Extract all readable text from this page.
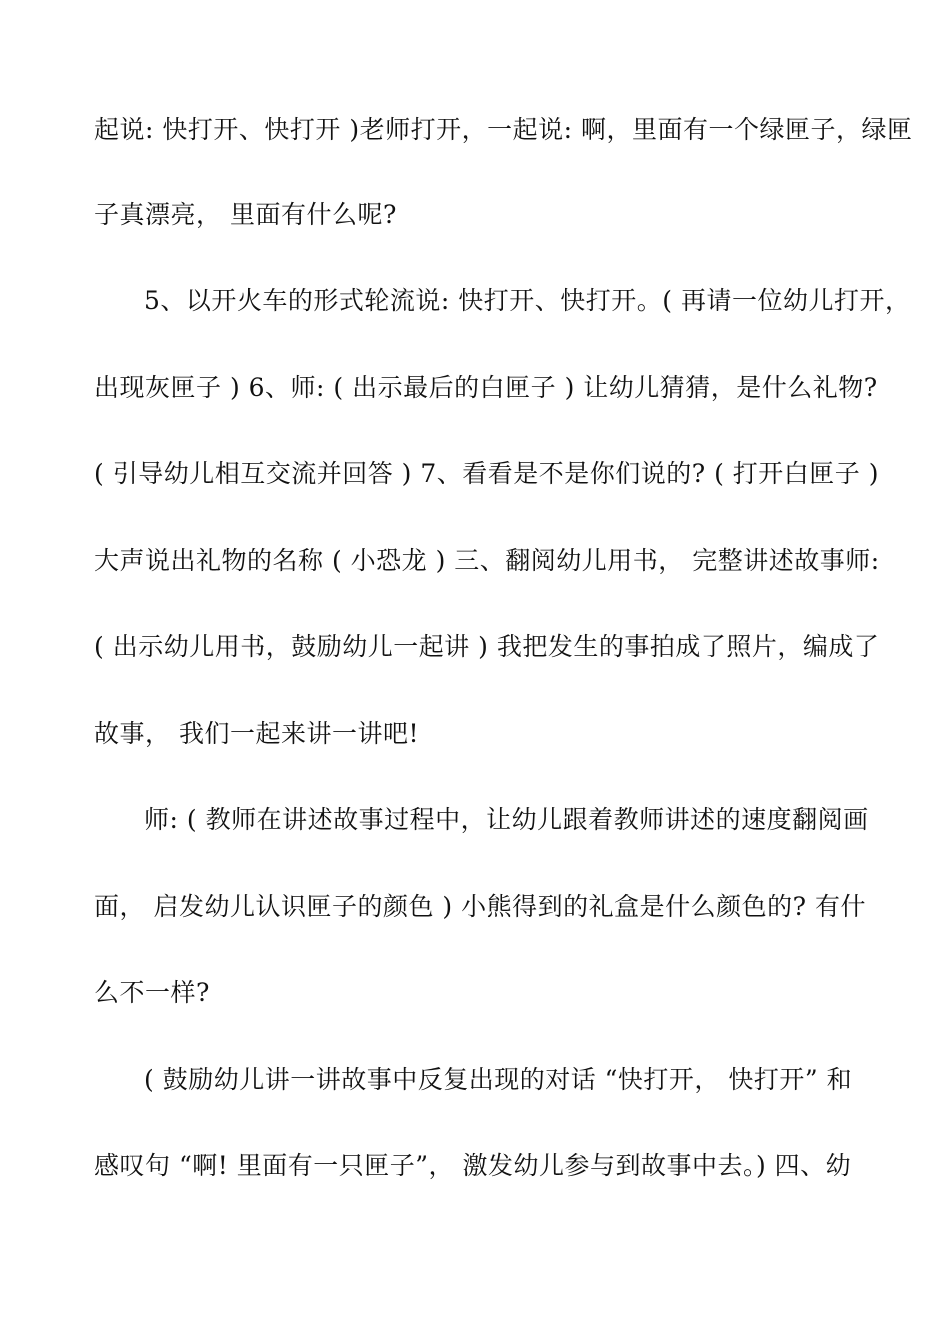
起说: 快打开、快打开 )老师打开，一起说: 啊，里面有一个绿匣子，绿匣
子真漂亮， 里面有什么呢?
5、以开火车的形式轮流说: 快打开、快打开。( 再请一位幼儿打开，
出现灰匣子 ) 6、师: ( 出示最后的白匣子 ) 让幼儿猜猜，是什么礼物?
( 引导幼儿相互交流并回答 ) 7、看看是不是你们说的? ( 打开白匣子 )
大声说出礼物的名称 ( 小恐龙 ) 三、翻阅幼儿用书， 完整讲述故事师:
( 出示幼儿用书，鼓励幼儿一起讲 ) 我把发生的事拍成了照片，编成了
故事， 我们一起来讲一讲吧!
师: ( 教师在讲述故事过程中，让幼儿跟着教师讲述的速度翻阅画
面， 启发幼儿认识匣子的颜色 ) 小熊得到的礼盒是什么颜色的? 有什
么不一样?
( 鼓励幼儿讲一讲故事中反复出现的对话 “快打开， 快打开” 和
感叹句 “啊! 里面有一只匣子”， 激发幼儿参与到故事中去。) 四、幼
